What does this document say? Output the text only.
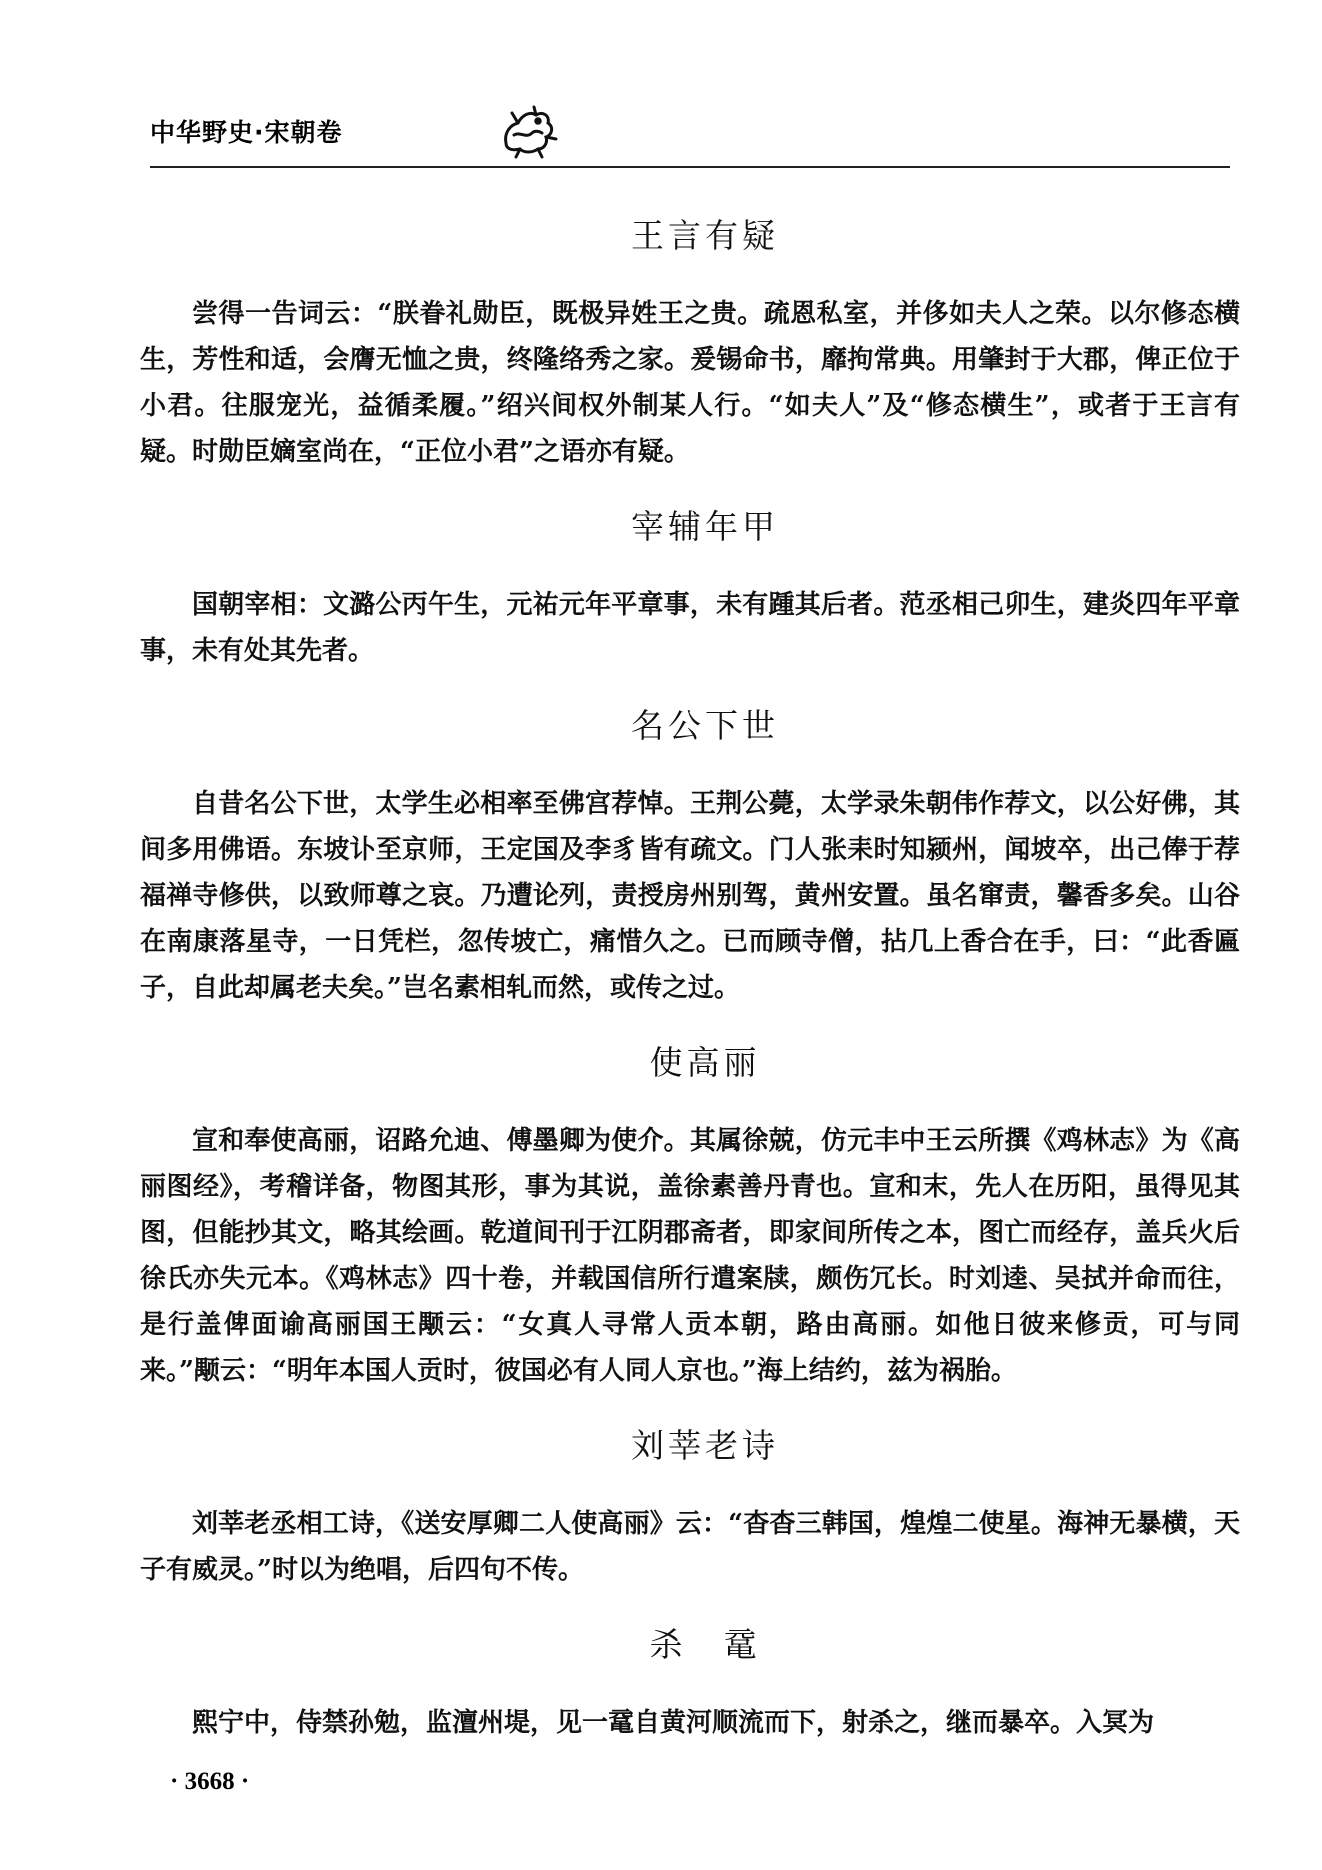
中华野史·宋朝卷
王言有疑

尝得一告词云：“朕眷礼勋臣，既极异姓王之贵。疏恩私室，并侈如夫人之荣。以尔修态横生，芳性和适，会膺无恤之贵，终隆络秀之家。爰锡命书，靡拘常典。用肇封于大郡，俾正位于小君。往服宠光，益循柔履。”绍兴间权外制某人行。“如夫人”及“修态横生”，或者于王言有疑。时勋臣嫡室尚在，“正位小君”之语亦有疑。

宰辅年甲

国朝宰相：文潞公丙午生，元祐元年平章事，未有踵其后者。范丞相己卯生，建炎四年平章事，未有处其先者。

名公下世

自昔名公下世，太学生必相率至佛宫荐悼。王荆公薨，太学录朱朝伟作荐文，以公好佛，其间多用佛语。东坡讣至京师，王定国及李豸皆有疏文。门人张耒时知颍州，闻坡卒，出己俸于荐福禅寺修供，以致师尊之哀。乃遭论列，责授房州别驾，黄州安置。虽名窜责，馨香多矣。山谷在南康落星寺，一日凭栏，忽传坡亡，痛惜久之。已而顾寺僧，拈几上香合在手，曰：“此香匾子，自此却属老夫矣。”岂名素相轧而然，或传之过。

使高丽

宣和奉使高丽，诏路允迪、傅墨卿为使介。其属徐兢，仿元丰中王云所撰《鸡林志》为《高丽图经》，考稽详备，物图其形，事为其说，盖徐素善丹青也。宣和末，先人在历阳，虽得见其图，但能抄其文，略其绘画。乾道间刊于江阴郡斋者，即家间所传之本，图亡而经存，盖兵火后徐氏亦失元本。《鸡林志》四十卷，并载国信所行遣案牍，颇伤冗长。时刘逵、吴拭并命而往，是行盖俾面谕高丽国王颙云：“女真人寻常人贡本朝，路由高丽。如他日彼来修贡，可与同来。”颙云：“明年本国人贡时，彼国必有人同人京也。”海上结约，兹为祸胎。

刘莘老诗

刘莘老丞相工诗，《送安厚卿二人使高丽》云：“杳杳三韩国，煌煌二使星。海神无暴横，天子有威灵。”时以为绝唱，后四句不传。

杀　鼋

熙宁中，侍禁孙勉，监澶州堤，见一鼋自黄河顺流而下，射杀之，继而暴卒。入冥为

· 3668 ·
